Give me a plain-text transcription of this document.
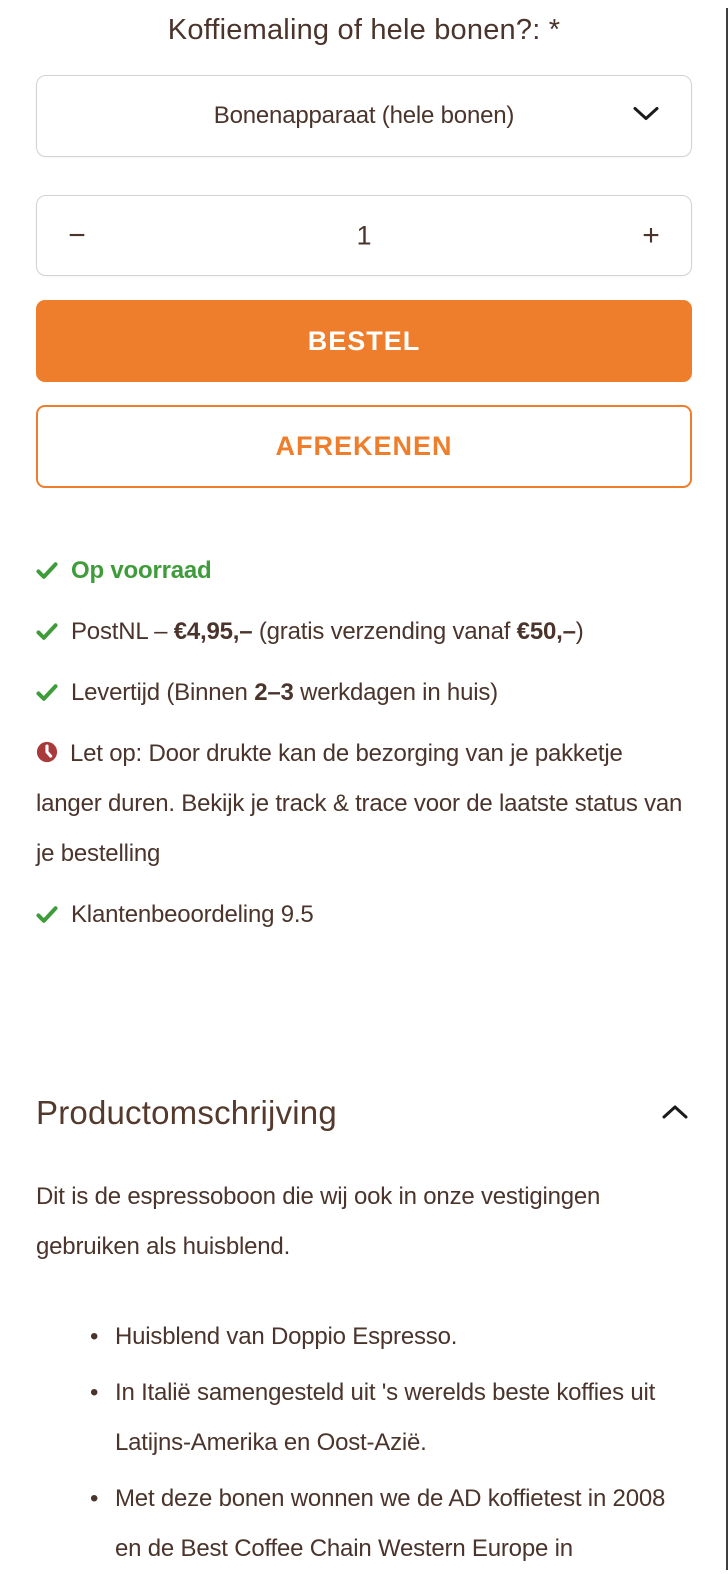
Koffiemaling of hele bonen?: *
Bonenapparaat (hele bonen)
−
1	+
BESTEL
AFREKENEN
Op voorraad
PostNL – €4,95,– (gratis verzending vanaf €50,–)
Levertijd (Binnen 2–3 werkdagen in huis)
Let op: Door drukte kan de bezorging van je pakketje langer duren. Bekijk je track & trace voor de laatste status van je bestelling
Klantenbeoordeling 9.5
Productomschrijving

Dit is de espressoboon die wij ook in onze vestigingen gebruiken als huisblend.

• Huisblend van Doppio Espresso.
• In Italië samengesteld uit 's werelds beste koffies uit Latijns-Amerika en Oost-Azië.
• Met deze bonen wonnen we de AD koffietest in 2008 en de Best Coffee Chain Western Europe in
